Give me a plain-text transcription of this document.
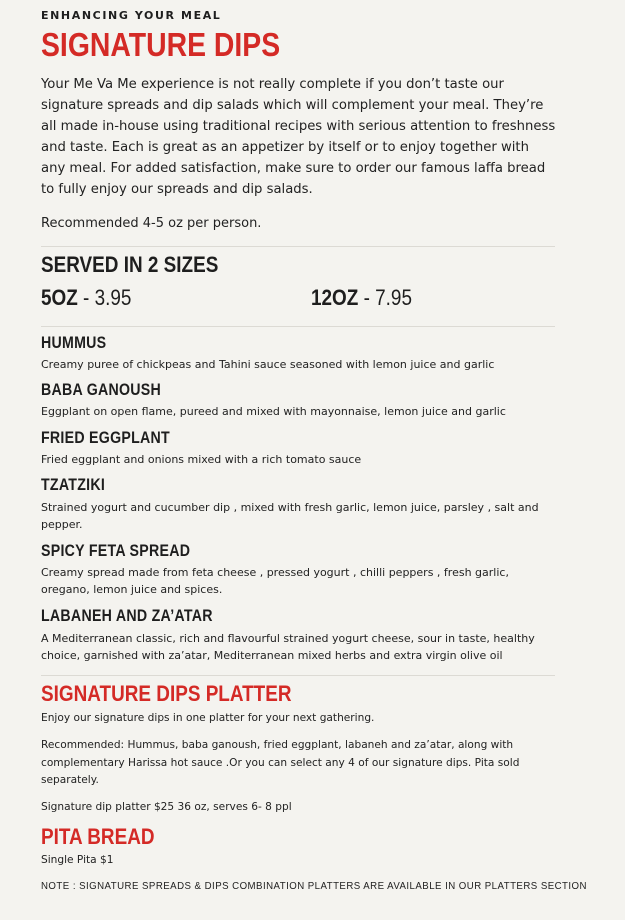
ENHANCING YOUR MEAL
SIGNATURE DIPS

Your Me Va Me experience is not really complete if you don’t taste our signature spreads and dip salads which will complement your meal. They’re all made in-house using traditional recipes with serious attention to freshness and taste. Each is great as an appetizer by itself or to enjoy together with any meal. For added satisfaction, make sure to order our famous laffa bread to fully enjoy our spreads and dip salads.

Recommended 4-5 oz per person.

SERVED IN 2 SIZES
5OZ - 3.95	12OZ - 7.95
HUMMUS

Creamy puree of chickpeas and Tahini sauce seasoned with lemon juice and garlic

BABA GANOUSH

Eggplant on open flame, pureed and mixed with mayonnaise, lemon juice and garlic

FRIED EGGPLANT

Fried eggplant and onions mixed with a rich tomato sauce

TZATZIKI

Strained yogurt and cucumber dip , mixed with fresh garlic, lemon juice, parsley , salt and pepper.

SPICY FETA SPREAD

Creamy spread made from feta cheese , pressed yogurt , chilli peppers , fresh garlic, oregano, lemon juice and spices.

LABANEH AND ZA’ATAR

A Mediterranean classic, rich and flavourful strained yogurt cheese, sour in taste, healthy choice, garnished with za’atar, Mediterranean mixed herbs and extra virgin olive oil

SIGNATURE DIPS PLATTER

Enjoy our signature dips in one platter for your next gathering.

Recommended: Hummus, baba ganoush, fried eggplant, labaneh and za’atar, along with complementary Harissa hot sauce .Or you can select any 4 of our signature dips. Pita sold separately.

Signature dip platter $25 36 oz, serves 6- 8 ppl

PITA BREAD

Single Pita $1

NOTE : SIGNATURE SPREADS & DIPS COMBINATION PLATTERS ARE AVAILABLE IN OUR PLATTERS SECTION
